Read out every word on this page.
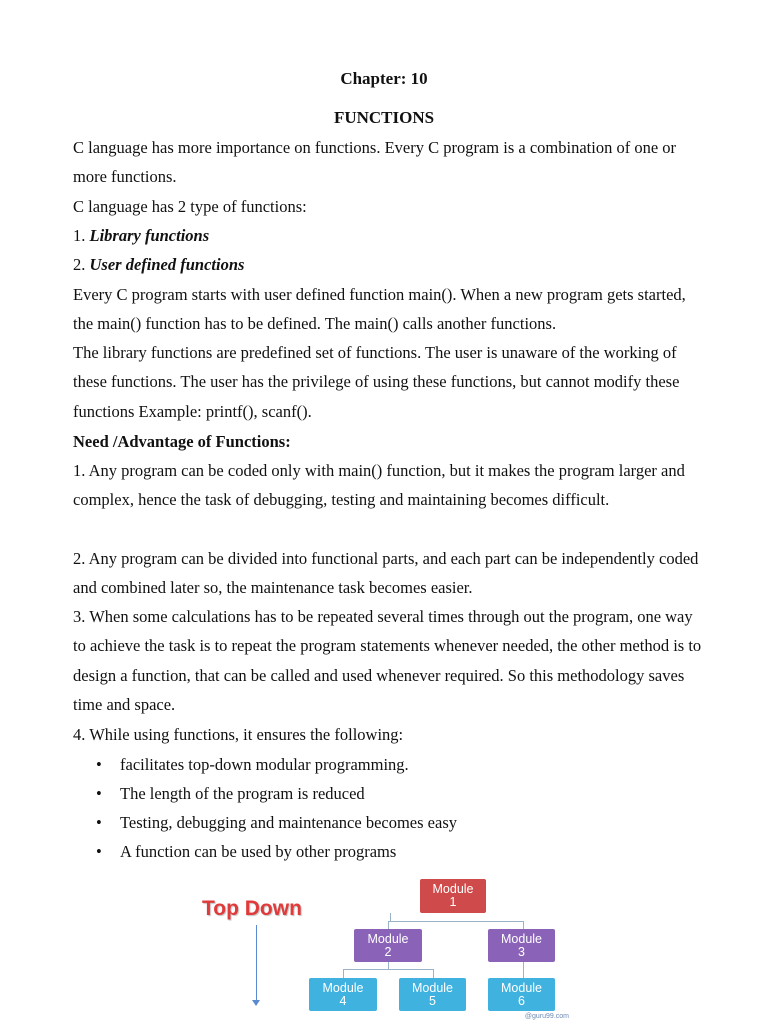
Chapter: 10
FUNCTIONS

C language has more importance on functions. Every C program is a combination of one or more functions.

C language has 2 type of functions:
1. Library functions
2. User defined functions

Every C program starts with user defined function main(). When a new program gets started, the main() function has to be defined. The main() calls another functions.

The library functions are predefined set of functions. The user is unaware of the working of these functions. The user has the privilege of using these functions, but cannot modify these functions Example: printf(), scanf().

Need /Advantage of Functions:

1. Any program can be coded only with main() function, but it makes the program larger and complex, hence the task of debugging, testing and maintaining becomes difficult.

2. Any program can be divided into functional parts, and each part can be independently coded and combined later so, the maintenance task becomes easier.

3. When some calculations has to be repeated several times through out the program, one way to achieve the task is to repeat the program statements whenever needed, the other method is to design a function, that can be called and used whenever required. So this methodology saves time and space.

4. While using functions, it ensures the following:
• facilitates top-down modular programming.
• The length of the program is reduced
• Testing, debugging and maintenance becomes easy
• A function can be used by other programs
Top Down
Module
1
Module
2
Module
3
Module
4
Module
5
Module
6
@guru99.com
